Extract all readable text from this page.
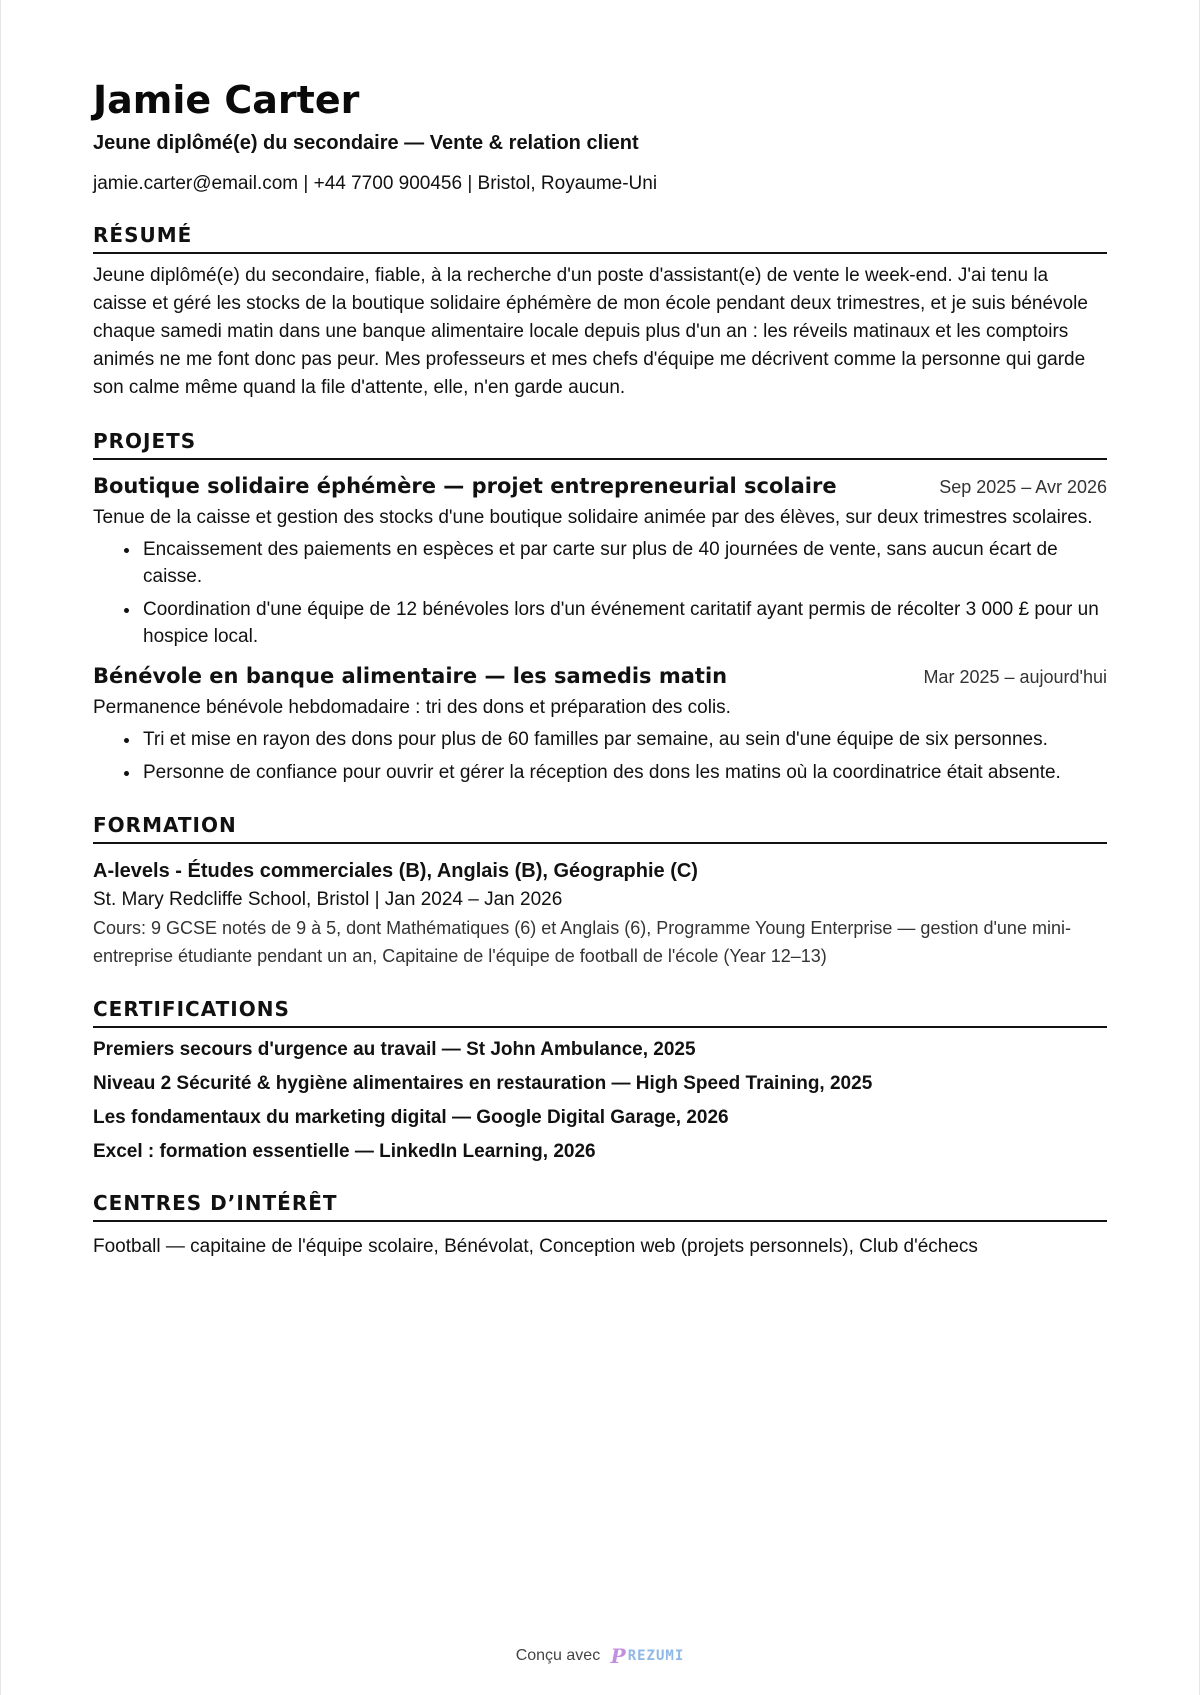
Jamie Carter
Jeune diplômé(e) du secondaire — Vente & relation client
jamie.carter@email.com | +44 7700 900456 | Bristol, Royaume-Uni
RÉSUMÉ
Jeune diplômé(e) du secondaire, fiable, à la recherche d'un poste d'assistant(e) de vente le week-end. J'ai tenu la caisse et géré les stocks de la boutique solidaire éphémère de mon école pendant deux trimestres, et je suis bénévole chaque samedi matin dans une banque alimentaire locale depuis plus d'un an : les réveils matinaux et les comptoirs animés ne me font donc pas peur. Mes professeurs et mes chefs d'équipe me décrivent comme la personne qui garde son calme même quand la file d'attente, elle, n'en garde aucun.
PROJETS
Boutique solidaire éphémère — projet entrepreneurial scolaire	Sep 2025 – Avr 2026
Tenue de la caisse et gestion des stocks d'une boutique solidaire animée par des élèves, sur deux trimestres scolaires.
• Encaissement des paiements en espèces et par carte sur plus de 40 journées de vente, sans aucun écart de caisse.
• Coordination d'une équipe de 12 bénévoles lors d'un événement caritatif ayant permis de récolter 3 000 £ pour un hospice local.
Bénévole en banque alimentaire — les samedis matin	Mar 2025 – aujourd'hui
Permanence bénévole hebdomadaire : tri des dons et préparation des colis.
• Tri et mise en rayon des dons pour plus de 60 familles par semaine, au sein d'une équipe de six personnes.
• Personne de confiance pour ouvrir et gérer la réception des dons les matins où la coordinatrice était absente.
FORMATION
A-levels - Études commerciales (B), Anglais (B), Géographie (C)
St. Mary Redcliffe School, Bristol | Jan 2024 – Jan 2026
Cours: 9 GCSE notés de 9 à 5, dont Mathématiques (6) et Anglais (6), Programme Young Enterprise — gestion d'une mini-entreprise étudiante pendant un an, Capitaine de l'équipe de football de l'école (Year 12–13)
CERTIFICATIONS
Premiers secours d'urgence au travail — St John Ambulance, 2025
Niveau 2 Sécurité & hygiène alimentaires en restauration — High Speed Training, 2025
Les fondamentaux du marketing digital — Google Digital Garage, 2026
Excel : formation essentielle — LinkedIn Learning, 2026
CENTRES D’INTÉRÊT
Football — capitaine de l'équipe scolaire, Bénévolat, Conception web (projets personnels), Club d'échecs
Conçu avec P REZUMI
